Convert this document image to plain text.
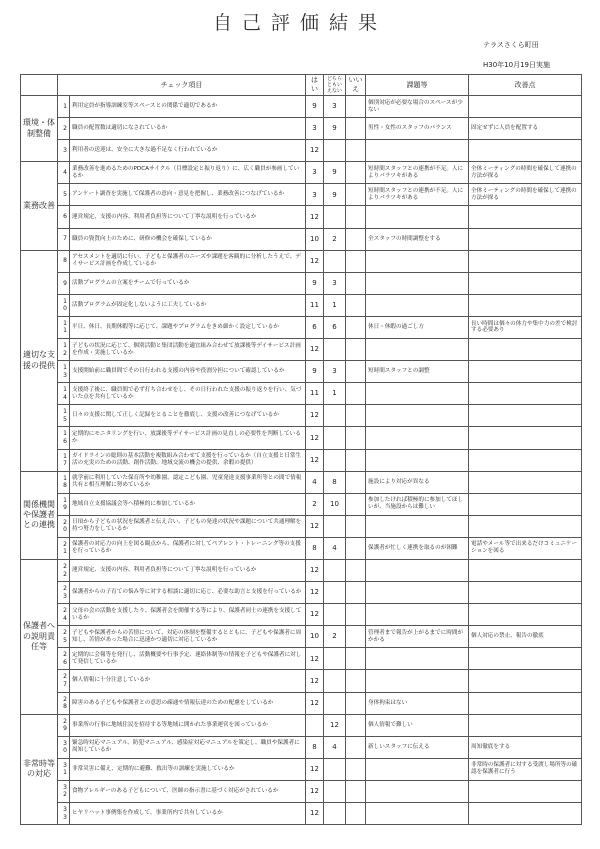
自己評価結果
テラスさくら町田
H30年10月19日実施
	チェック項目		はい	どちらともいえない	いいえ	課題等	改善点
環境・体制整備	1	利用定員が指導訓練室等スペースとの関係で適切であるか	9	3		個別対応が必要な場合のスペースが少ない	
	2	職員の配置数は適切になされているか	3	9		男性・女性のスタッフのバランス	固定せずに人員を配置する
	3	利用者の送迎は、安全に大きな過不足なく行われているか	12				
業務改善	4	業務改善を進めるためのPDCAサイクル（目標設定と振り返り）に、広く職員が参画しているか	3	9		短時間スタッフとの連携が不足。人によりバラツキがある	全体ミーティングの時間を確保して連携の方法が探る
	5	アンケート調査を実施して保護者の意向・意見を把握し、業務改善につなげているか	3	9		短時間スタッフとの連携が不足。人によりバラツキがある	全体ミーティングの時間を確保して連携の方法が探る
	6	運営規定、支援の内容、利用者負担等について丁寧な説明を行っているか	12				
	7	職員の資質向上のために、研修の機会を確保しているか	10	2		全スタッフの時間調整をする	
適切な支援の提供	8	アセスメントを適切に行い、子どもと保護者のニーズや課題を客観的に分析したうえで、デイサービス計画を作成しているか	12				
	9	活動プログラムの立案をチームで行っているか	9	3			
	10	活動プログラムが固定化しないように工夫しているか	11	1			
	11	平日、休日、長期休暇等に応じて、課題やプログラムをきめ細かく設定しているか	6	6		休日・休暇の過ごし方	長い時間は個々の体力や集中力の差で検討する必要あり
	12	子どもの状況に応じて、個別活動と集団活動を適宜組み合わせて放課後等デイサービス計画を作成・実施しているか	12				
	13	支援開始前に職員間でその日行われる支援の内容や役割分担について確認しているか	9	3		短時間スタッフとの調整	
	14	支援終了後に、職員間で必ず打ち合わせをし、その日行われた支援の振り返りを行い、気づいた点を共有しているか	11	1			
	15	日々の支援に関して正しく記録をとることを徹底し、支援の改善につなげているか	12				
	16	定期的にモニタリングを行い、放課後等デイサービス計画の見直しの必要性を判断しているか	12				
	17	ガイドラインの総則の基本活動を複数組み合わせて支援を行っているか（自立支援と日常生活の充実のための活動、創作活動、地域交流の機会の提供、余暇の提供）	12				
関係機関や保護者との連携	18	就学前に利用していた保育所や幼稚園、認定こども園、児童発達支援事業所等との間で情報共有と相互理解に努めているか	4	8		施設により対応が異なる	
	19	地域自立支援協議会等へ積極的に参加しているか	2	10		参加したければ積極的に参加してほしいが、当施設からは難しい	
	20	日頃から子どもの状況を保護者と伝え合い、子どもの発達の状況や課題について共通理解を持つ努力をしているか	12				
	21	保護者の対応力の向上を図る観点から、保護者に対してペアレント・トレーニング等の支援を行っているか	8	4		保護者が忙しく連携を取るのが困難	電話やメール等で出来るだけコミュニケーションを図る
保護者への説明責任等	22	運営規定、支援の内容、利用者負担等について丁寧な説明を行っているか	12				
	23	保護者からの子育ての悩み等に対する相談に適切に応じ、必要な助言と支援を行っているか	12				
	24	父母の会の活動を支援したり、保護者会を開催する等により、保護者同士の連携を支援しているか	12				
	25	子どもや保護者からの苦情について、対応の体制を整備するとともに、子どもや保護者に周知し、苦情があった場合に迅速かつ適切に対応しているか	10	2		管理者まで報告が上がるまでに時間がかかる	個人対応の禁止、報告の徹底
	26	定期的に会報等を発行し、活動概要や行事予定、連絡体制等の情報を子どもや保護者に対して発信しているか	12				
	27	個人情報に十分注意しているか	12				
	28	障害のある子どもや保護者との意思の疎通や情報伝達のための配慮をしているか	12			身体拘束はない	
非常時等の対応	29	事業所の行事に地域住民を招待する等地域に開かれた事業運営を図っているか		12		個人情報で難しい	
	30	緊急時対応マニュアル、防犯マニュアル、感染症対応マニュアルを策定し、職員や保護者に周知しているか	8	4		新しいスタッフに伝える	周知徹底をする
	31	非常災害に備え、定期的に避難、救出等の訓練を実施しているか	12				非常時の保護者に対する受渡し場所等の確認を保護者に行う
	32	食物アレルギーのある子どもについて、医師の指示書に基づく対応がされているか	12				
	33	ヒヤリハット事例集を作成して、事業所内で共有しているか	12				
